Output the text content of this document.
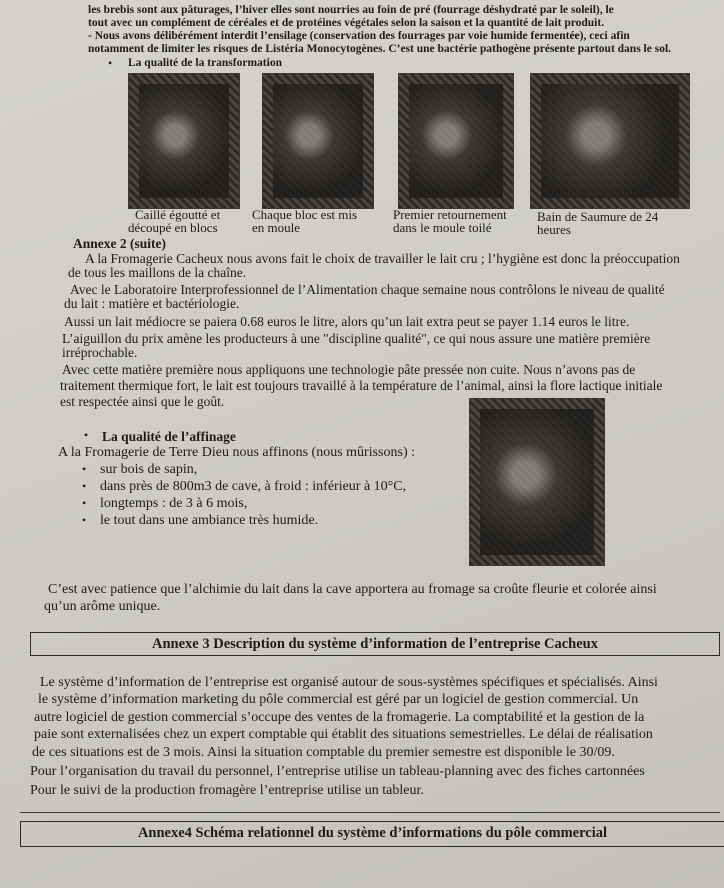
les brebis sont aux pâturages, l’hiver elles sont nourries au foin de pré (fourrage déshydraté par le soleil), le

tout avec un complément de céréales et de protéines végétales selon la saison et la quantité de lait produit.

- Nous avons délibérément interdit l’ensilage (conservation des fourrages par voie humide fermentée), ceci afin

notamment de limiter les risques de Listéria Monocytogènes. C’est une bactérie pathogène présente partout dans le sol.

• La qualité de la transformation

Caillé égoutté et
découpé en blocs
Chaque bloc est mis
en moule
Premier retournement
dans le moule toilé
Bain de Saumure de 24
heures

Annexe 2 (suite)

A la Fromagerie Cacheux nous avons fait le choix de travailler le lait cru ; l’hygiène est donc la préoccupation

de tous les maillons de la chaîne.

Avec le Laboratoire Interprofessionnel de l’Alimentation chaque semaine nous contrôlons le niveau de qualité

du lait : matière et bactériologie.

Aussi un lait médiocre se paiera 0.68 euros le litre, alors qu’un lait extra peut se payer 1.14 euros le litre.

L’aiguillon du prix amène les producteurs à une "discipline qualité", ce qui nous assure une matière première

irréprochable.

Avec cette matière première nous appliquons une technologie pâte pressée non cuite. Nous n’avons pas de

traitement thermique fort, le lait est toujours travaillé à la température de l’animal, ainsi la flore lactique initiale

est respectée ainsi que le goût.

• La qualité de l’affinage

A la Fromagerie de Terre Dieu nous affinons (nous mûrissons) :

• sur bois de sapin,

• dans près de 800m3 de cave, à froid : inférieur à 10°C,

• longtemps : de 3 à 6 mois,

• le tout dans une ambiance très humide.

C’est avec patience que l’alchimie du lait dans la cave apportera au fromage sa croûte fleurie et colorée ainsi

qu’un arôme unique.

Annexe 3 Description du système d’information de l’entreprise Cacheux

Le système d’information de l’entreprise est organisé autour de sous-systèmes spécifiques et spécialisés. Ainsi

le système d’information marketing du pôle commercial est géré par un logiciel de gestion commercial. Un

autre logiciel de gestion commercial s’occupe des ventes de la fromagerie. La comptabilité et la gestion de la

paie sont externalisées chez un expert comptable qui établit des situations semestrielles. Le délai de réalisation

de ces situations est de 3 mois. Ainsi la situation comptable du premier semestre est disponible le 30/09.

Pour l’organisation du travail du personnel, l’entreprise utilise un tableau-planning avec des fiches cartonnées

Pour le suivi de la production fromagère l’entreprise utilise un tableur.

Annexe4 Schéma relationnel du système d’informations du pôle commercial
